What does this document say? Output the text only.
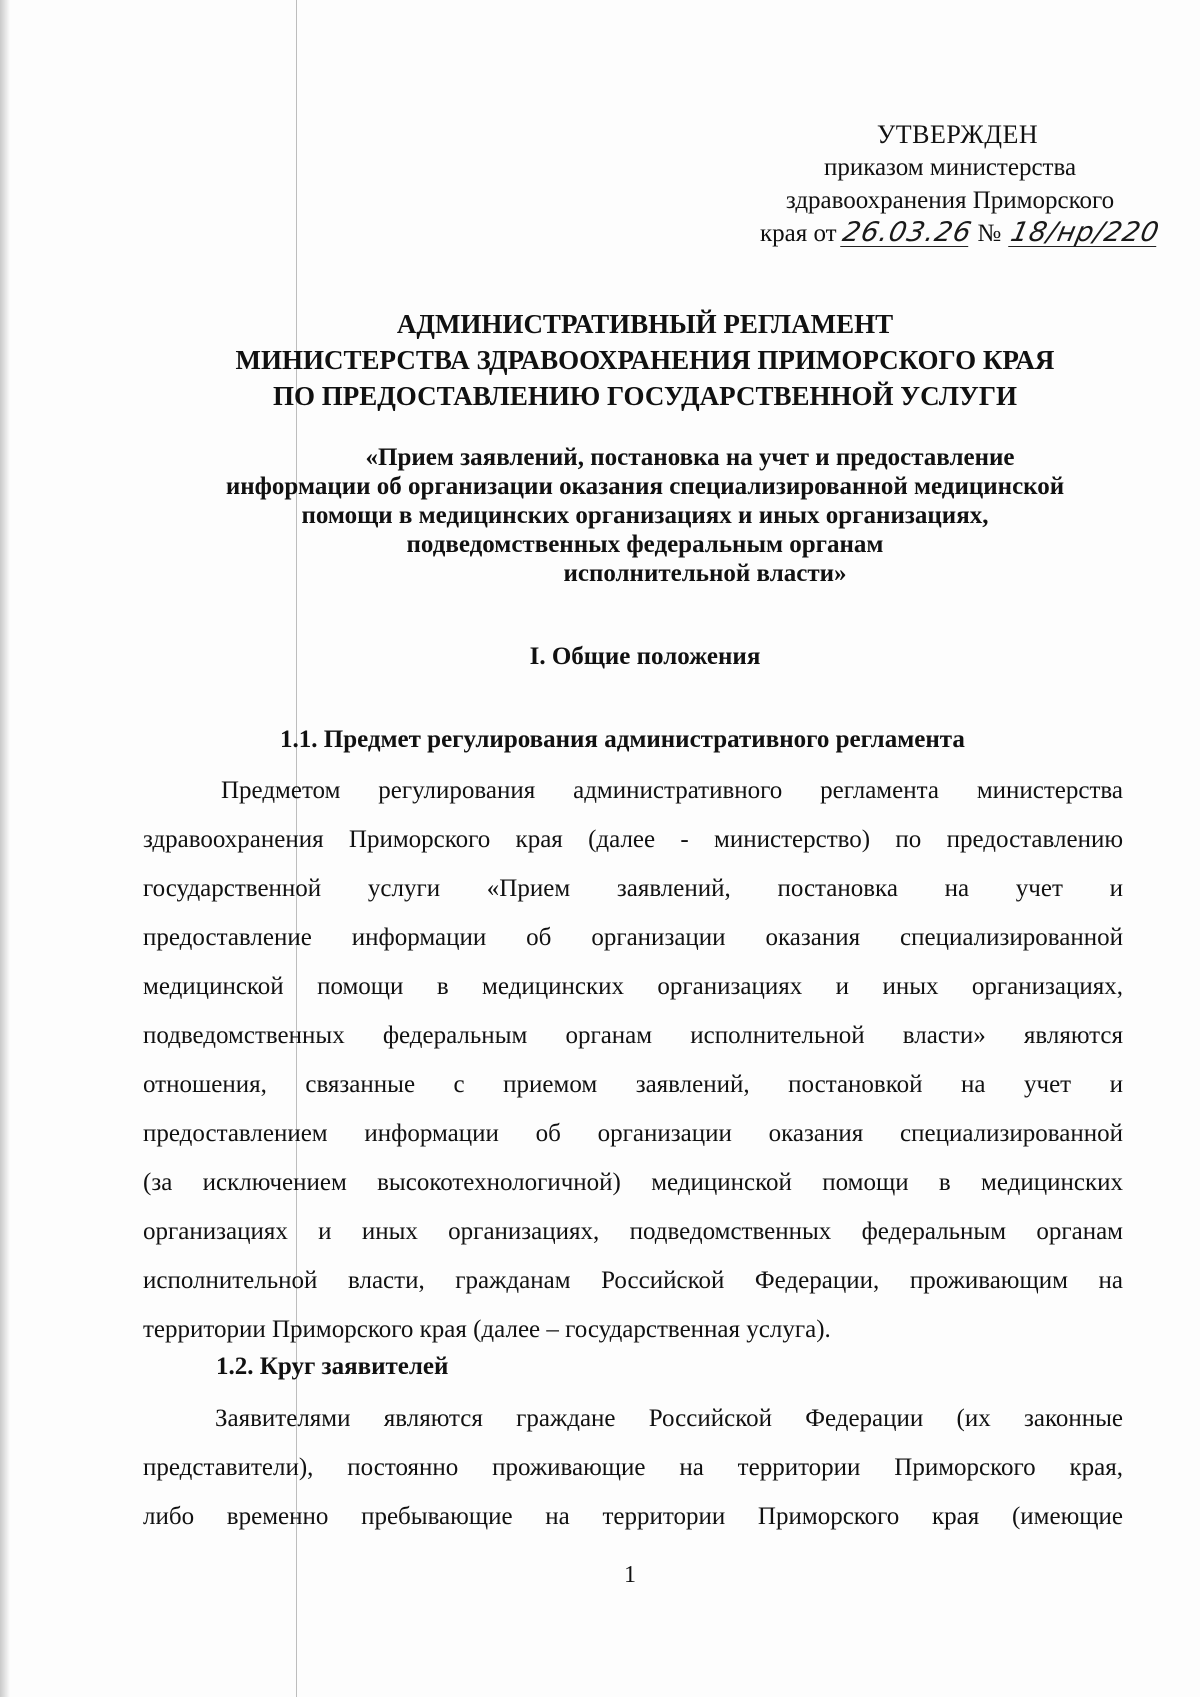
УТВЕРЖДЕН
приказом министерства
здравоохранения Приморского
края от 26.03.26 № 18/нр/220
АДМИНИСТРАТИВНЫЙ РЕГЛАМЕНТ
МИНИСТЕРСТВА ЗДРАВООХРАНЕНИЯ ПРИМОРСКОГО КРАЯ
ПО ПРЕДОСТАВЛЕНИЮ ГОСУДАРСТВЕННОЙ УСЛУГИ
«Прием заявлений, постановка на учет и предоставление
информации об организации оказания специализированной медицинской
помощи в медицинских организациях и иных организациях,
подведомственных федеральным органам
исполнительной власти»
I. Общие положения
1.1. Предмет регулирования административного регламента
Предметом регулирования административного регламента министерства
здравоохранения Приморского края (далее - министерство) по предоставлению
государственной услуги «Прием заявлений, постановка на учет и
предоставление информации об организации оказания специализированной
медицинской помощи в медицинских организациях и иных организациях,
подведомственных федеральным органам исполнительной власти» являются
отношения, связанные с приемом заявлений, постановкой на учет и
предоставлением информации об организации оказания специализированной
(за исключением высокотехнологичной) медицинской помощи в медицинских
организациях и иных организациях, подведомственных федеральным органам
исполнительной власти, гражданам Российской Федерации, проживающим на
территории Приморского края (далее – государственная услуга).
1.2. Круг заявителей
Заявителями являются граждане Российской Федерации (их законные
представители), постоянно проживающие на территории Приморского края,
либо временно пребывающие на территории Приморского края (имеющие
1
